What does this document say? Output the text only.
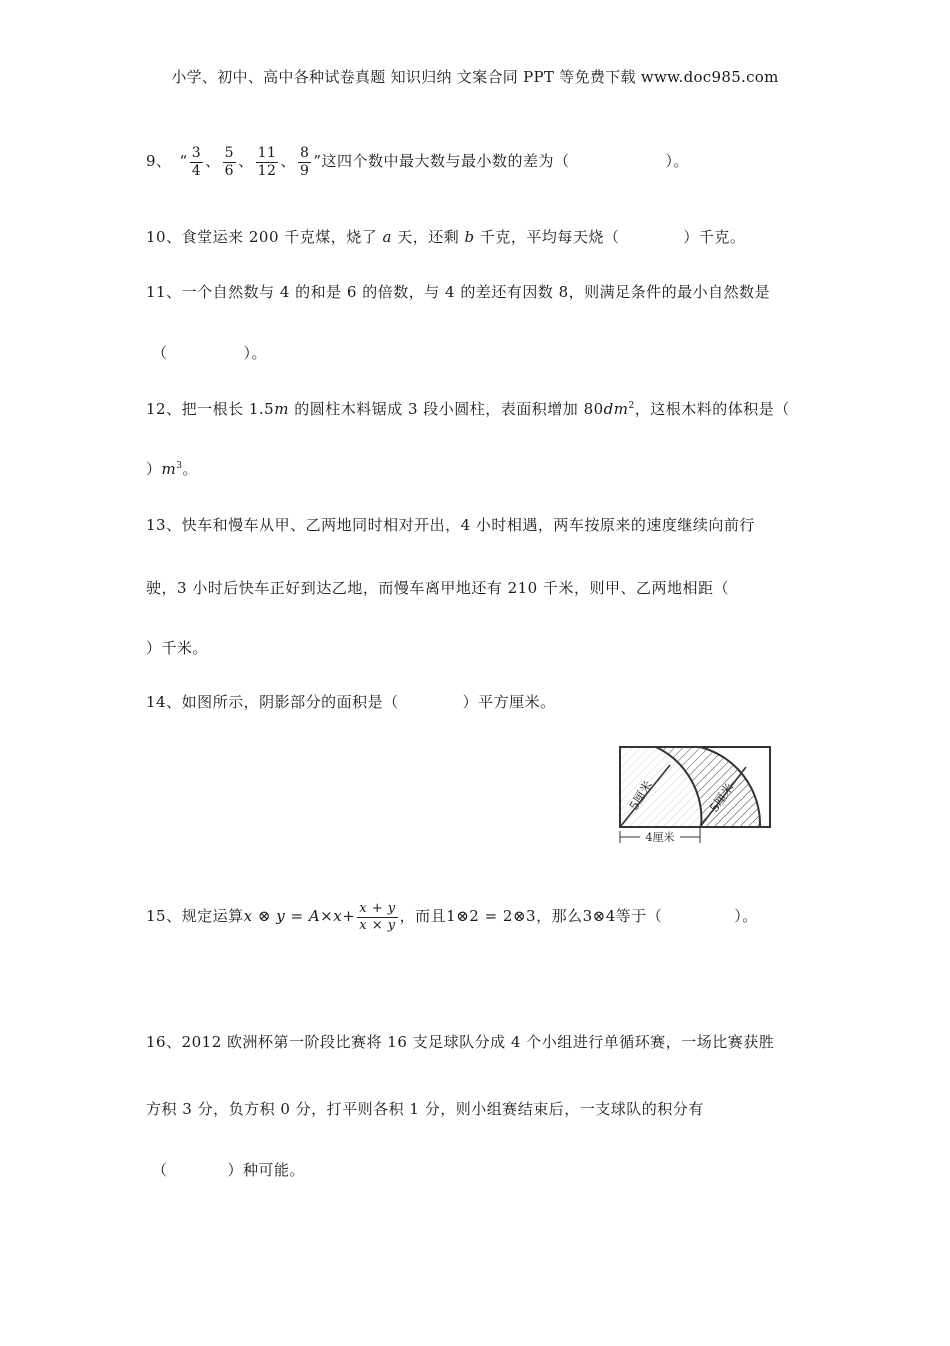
小学、初中、高中各种试卷真题 知识归纳 文案合同 PPT 等免费下载 www.doc985.com
9、 “ $\frac{3}{4}$ 、 $\frac{5}{6}$ 、 $\frac{11}{12}$ 、 $\frac{8}{9}$ ”这四个数中最大数与最小数的差为（	）。
10、食堂运来 200 千克煤，烧了 a 天，还剩 b 千克，平均每天烧（	）千克。
11、一个自然数与 4 的和是 6 的倍数，与 4 的差还有因数 8，则满足条件的最小自然数是
（	）。
12、把一根长 1.5m 的圆柱木料锯成 3 段小圆柱，表面积增加 $80dm^2$，这根木料的体积是（
）$m^3$。
13、快车和慢车从甲、乙两地同时相对开出，4 小时相遇，两车按原来的速度继续向前行
驶，3 小时后快车正好到达乙地，而慢车离甲地还有 210 千米，则甲、乙两地相距（
）千米。
14、如图所示，阴影部分的面积是（	）平方厘米。
5厘米	5厘米
4厘米
15、规定运算x ⊗ $y = A\times x+ \frac{x + y}{x \times y}$ ，而且1⊗2 = 2⊗3，那么3⊗4等于（	）。
16、2012 欧洲杯第一阶段比赛将 16 支足球队分成 4 个小组进行单循环赛，一场比赛获胜
方积 3 分，负方积 0 分，打平则各积 1 分，则小组赛结束后，一支球队的积分有
（	）种可能。
